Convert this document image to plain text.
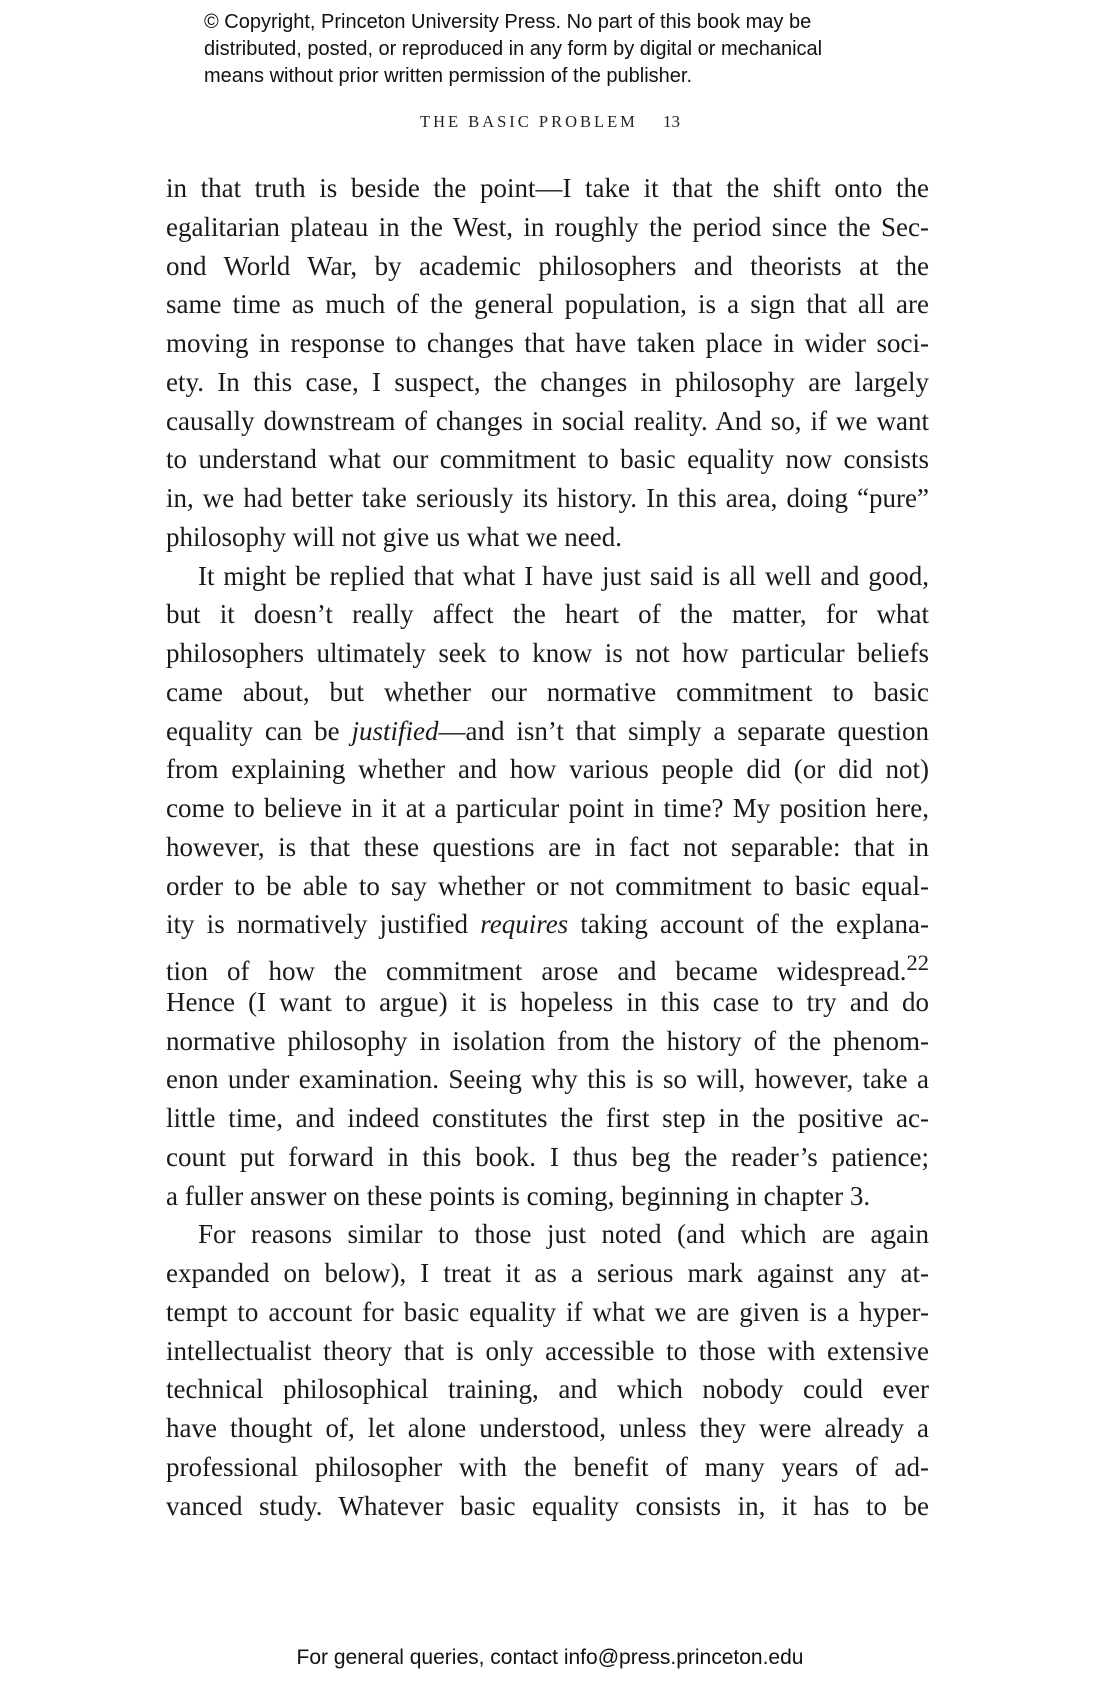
© Copyright, Princeton University Press. No part of this book may be

distributed, posted, or reproduced in any form by digital or mechanical

means without prior written permission of the publisher.

THE BASIC PROBLEM 13
in that truth is beside the point—I take it that the shift onto the
egalitarian plateau in the West, in roughly the period since the Sec-
ond World War, by academic philosophers and theorists at the
same time as much of the general population, is a sign that all are
moving in response to changes that have taken place in wider soci-
ety. In this case, I suspect, the changes in philosophy are largely
causally downstream of changes in social reality. And so, if we want
to understand what our commitment to basic equality now consists
in, we had better take seriously its history. In this area, doing “pure”
philosophy will not give us what we need.
It might be replied that what I have just said is all well and good,
but it doesn’t really affect the heart of the matter, for what
philosophers ultimately seek to know is not how particular beliefs
came about, but whether our normative commitment to basic
equality can be justified—and isn’t that simply a separate question
from explaining whether and how various people did (or did not)
come to believe in it at a particular point in time? My position here,
however, is that these questions are in fact not separable: that in
order to be able to say whether or not commitment to basic equal-
ity is normatively justified requires taking account of the explana-
tion of how the commitment arose and became widespread.$^{22}$
Hence (I want to argue) it is hopeless in this case to try and do
normative philosophy in isolation from the history of the phenom-
enon under examination. Seeing why this is so will, however, take a
little time, and indeed constitutes the first step in the positive ac-
count put forward in this book. I thus beg the reader’s patience;
a fuller answer on these points is coming, beginning in chapter 3.
For reasons similar to those just noted (and which are again
expanded on below), I treat it as a serious mark against any at-
tempt to account for basic equality if what we are given is a hyper-
intellectualist theory that is only accessible to those with extensive
technical philosophical training, and which nobody could ever
have thought of, let alone understood, unless they were already a
professional philosopher with the benefit of many years of ad-
vanced study. Whatever basic equality consists in, it has to be
For general queries, contact info@press.princeton.edu
